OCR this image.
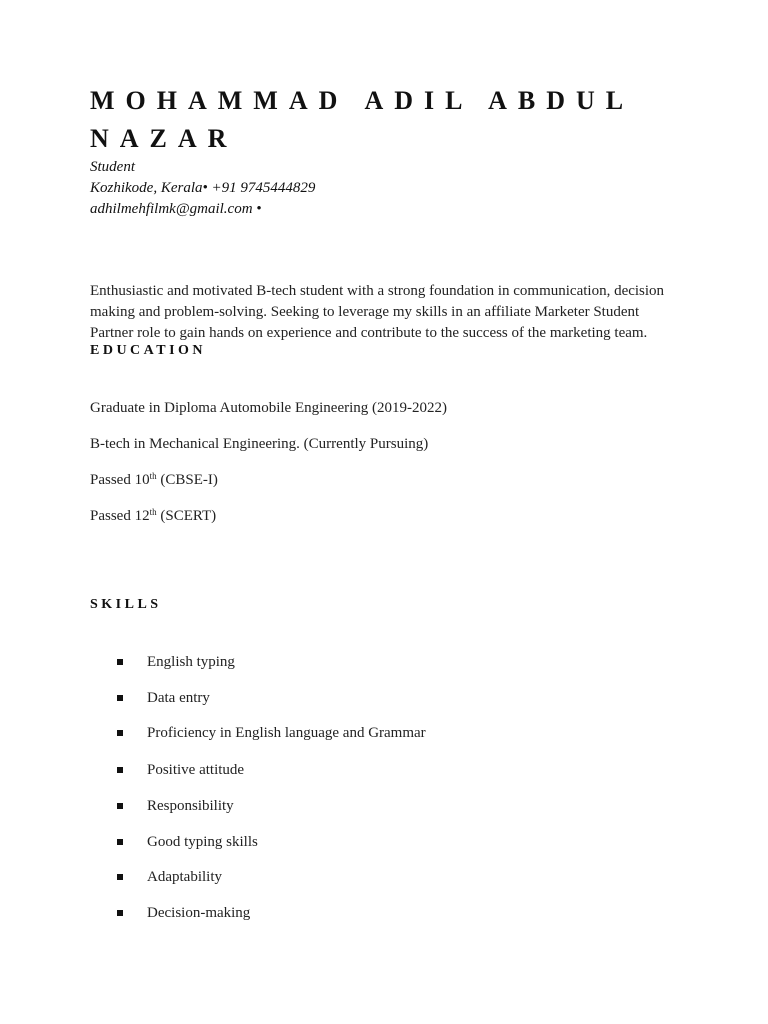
MOHAMMAD ADIL ABDUL
NAZAR
Student
Kozhikode, Kerala• +91 9745444829
adhilmehfilmk@gmail.com •

Enthusiastic and motivated B-tech student with a strong foundation in communication, decision making and problem-solving. Seeking to leverage my skills in an affiliate Marketer Student Partner role to gain hands on experience and contribute to the success of the marketing team.

EDUCATION

Graduate in Diploma Automobile Engineering (2019-2022)

B-tech in Mechanical Engineering. (Currently Pursuing)

Passed 10th (CBSE-I)

Passed 12th (SCERT)

SKILLS
English typing
Data entry
Proficiency in English language and Grammar
Positive attitude
Responsibility
Good typing skills
Adaptability
Decision-making
